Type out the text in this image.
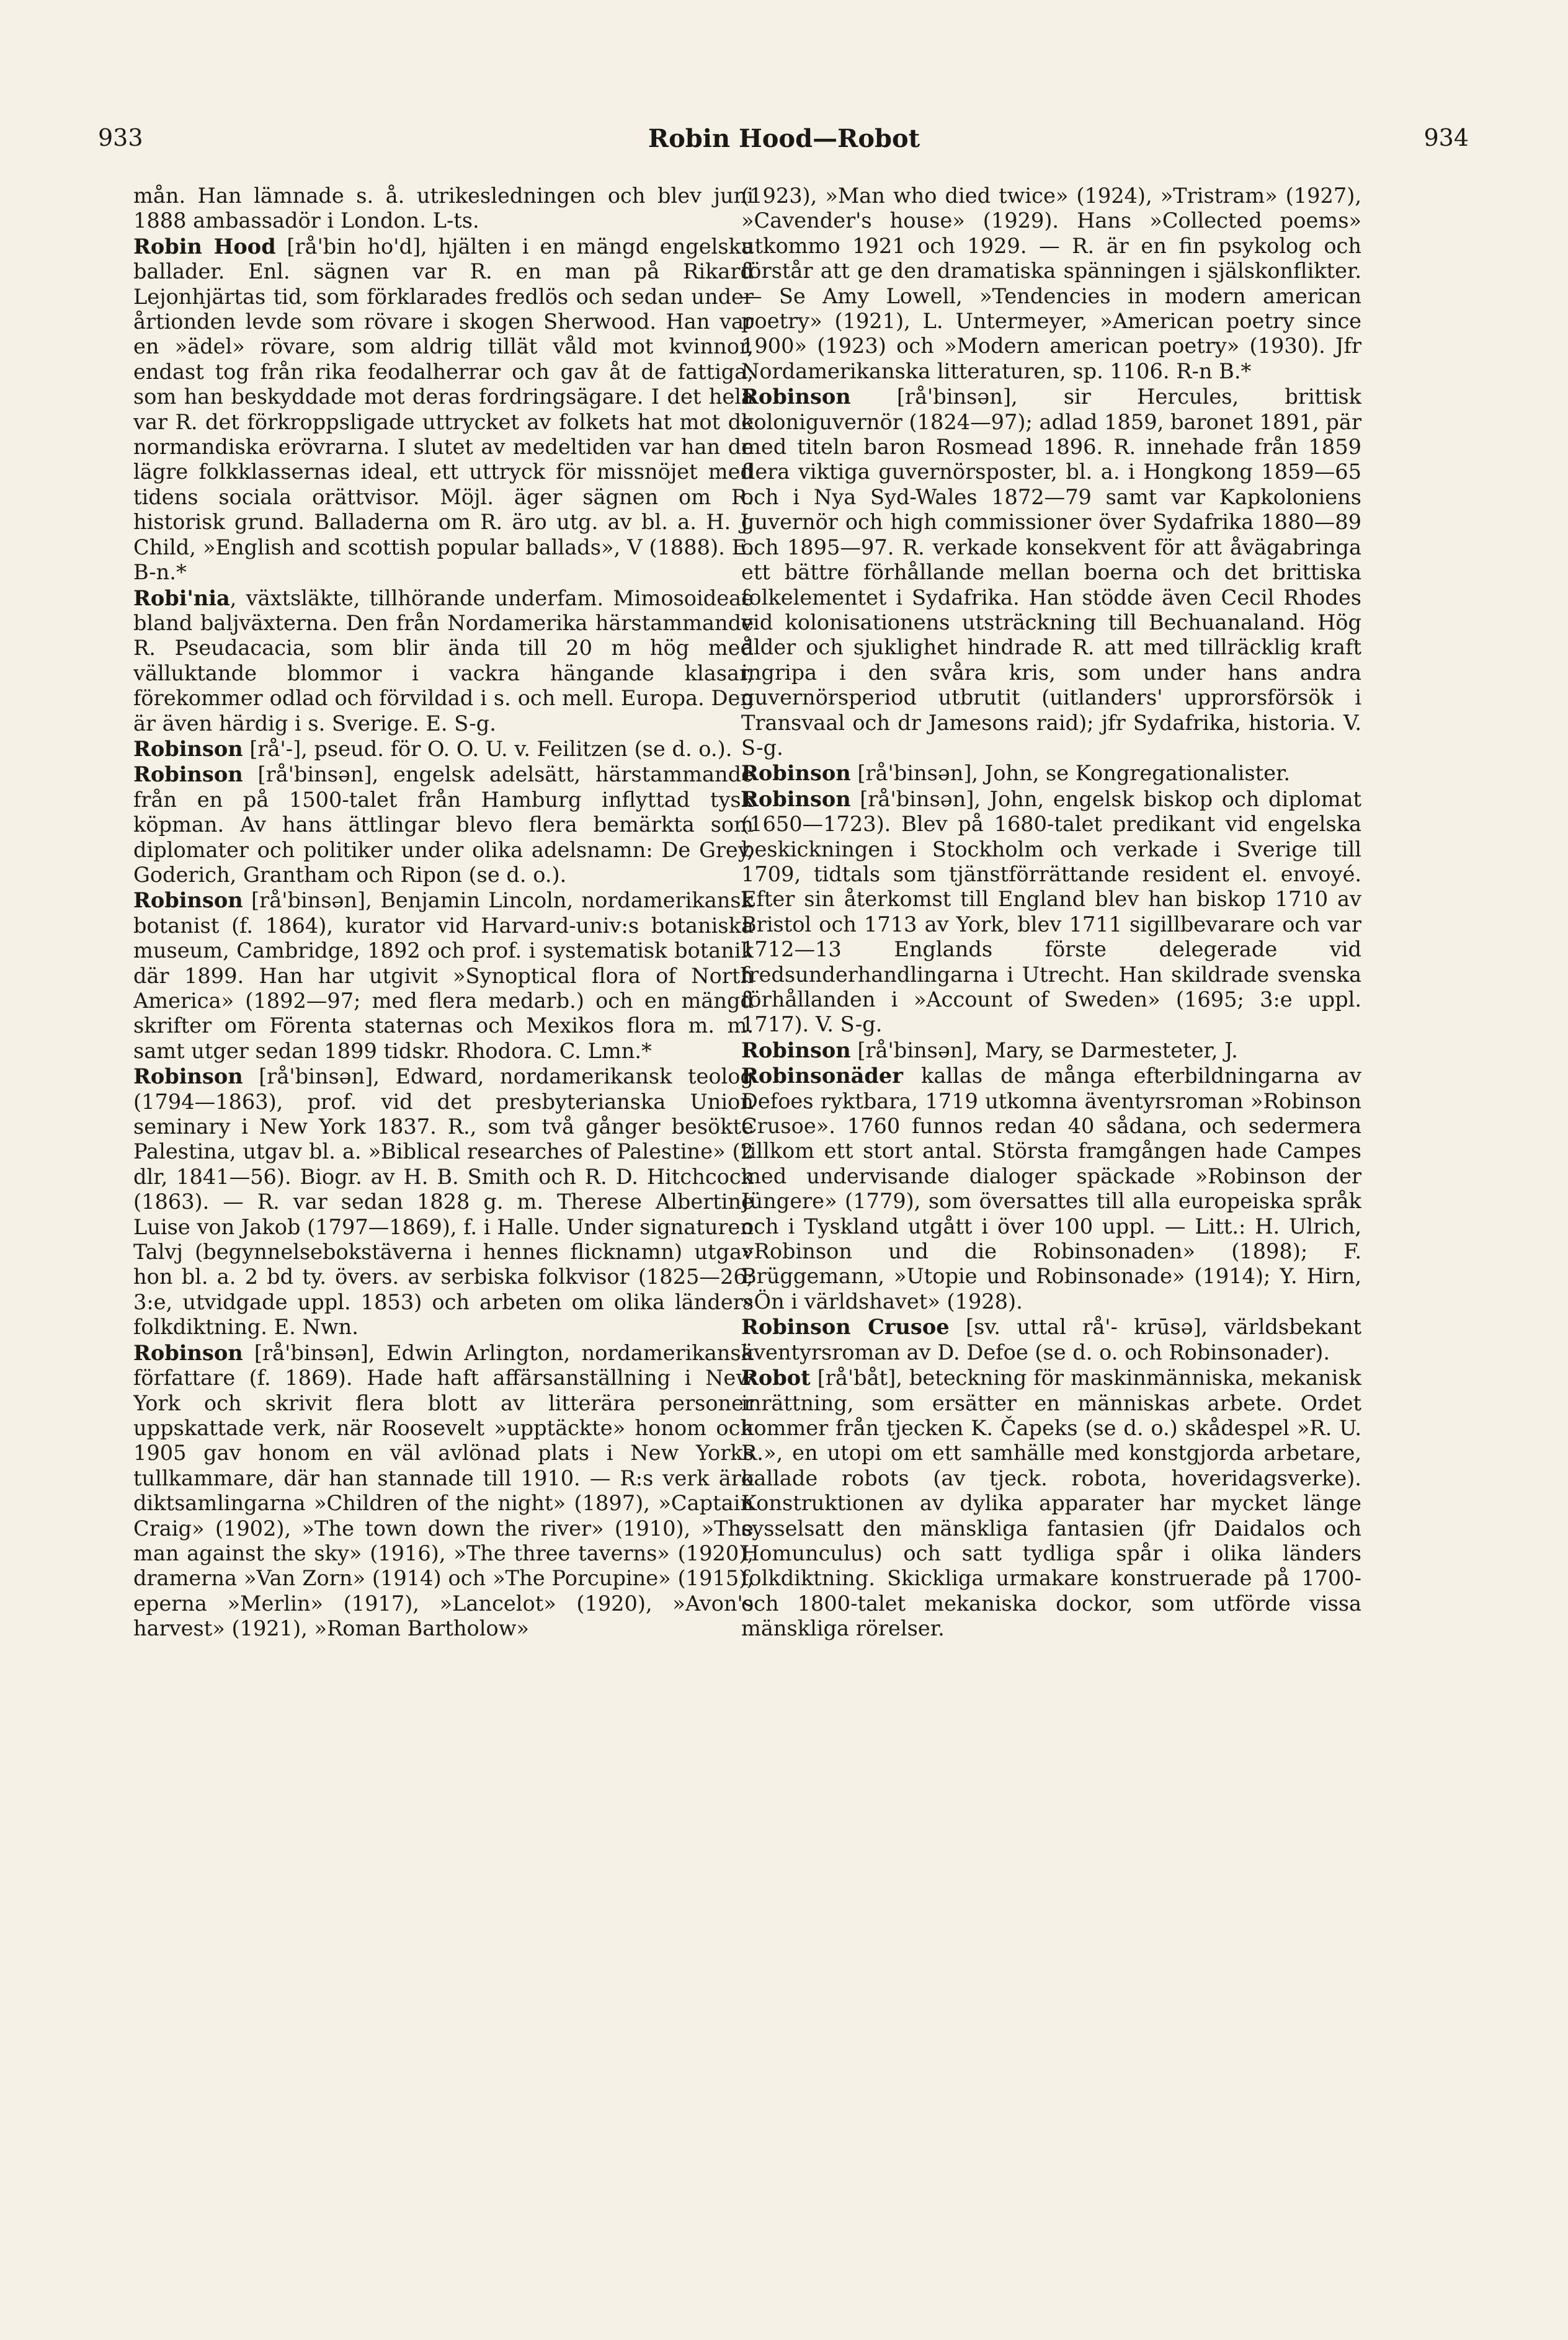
933	Robin Hood—Robot	934

mån. Han lämnade s. å. utrikesledningen och blev juni 1888 ambassadör i London. L-ts.

Robin Hood [rå'bin ho'd], hjälten i en mängd engelska ballader. Enl. sägnen var R. en man på Rikard Lejonhjärtas tid, som förklarades fredlös och sedan under årtionden levde som rövare i skogen Sherwood. Han var en »ädel» rövare, som aldrig tillät våld mot kvinnor, endast tog från rika feodalherrar och gav åt de fattiga, som han beskyddade mot deras fordringsägare. I det hela var R. det förkroppsligade uttrycket av folkets hat mot de normandiska erövrarna. I slutet av medeltiden var han de lägre folkklassernas ideal, ett uttryck för missnöjet med tidens sociala orättvisor. Möjl. äger sägnen om R. historisk grund. Balladerna om R. äro utg. av bl. a. H. J. Child, »English and scottish popular ballads», V (1888). E. B-n.*

Robi'nia, växtsläkte, tillhörande underfam. Mimosoideae bland baljväxterna. Den från Nordamerika härstammande R. Pseudacacia, som blir ända till 20 m hög med välluktande blommor i vackra hängande klasar, förekommer odlad och förvildad i s. och mell. Europa. Den är även härdig i s. Sverige. E. S-g.

Robinson [rå'-], pseud. för O. O. U. v. Feilitzen (se d. o.).

Robinson [rå'binsən], engelsk adelsätt, härstammande från en på 1500-talet från Hamburg inflyttad tysk köpman. Av hans ättlingar blevo flera bemärkta som diplomater och politiker under olika adelsnamn: De Grey, Goderich, Grantham och Ripon (se d. o.).

Robinson [rå'binsən], Benjamin Lincoln, nordamerikansk botanist (f. 1864), kurator vid Harvard-univ:s botaniska museum, Cambridge, 1892 och prof. i systematisk botanik där 1899. Han har utgivit »Synoptical flora of North America» (1892—97; med flera medarb.) och en mängd skrifter om Förenta staternas och Mexikos flora m. m. samt utger sedan 1899 tidskr. Rhodora. C. Lmn.*

Robinson [rå'binsən], Edward, nordamerikansk teolog (1794—1863), prof. vid det presbyterianska Union seminary i New York 1837. R., som två gånger besökte Palestina, utgav bl. a. »Biblical researches of Palestine» (2 dlr, 1841—56). Biogr. av H. B. Smith och R. D. Hitchcock (1863). — R. var sedan 1828 g. m. Therese Albertine Luise von Jakob (1797—1869), f. i Halle. Under signaturen Talvj (begynnelsebokstäverna i hennes flicknamn) utgav hon bl. a. 2 bd ty. övers. av serbiska folkvisor (1825—26; 3:e, utvidgade uppl. 1853) och arbeten om olika länders folkdiktning. E. Nwn.

Robinson [rå'binsən], Edwin Arlington, nordamerikansk författare (f. 1869). Hade haft affärsanställning i New York och skrivit flera blott av litterära personer uppskattade verk, när Roosevelt »upptäckte» honom och 1905 gav honom en väl avlönad plats i New Yorks tullkammare, där han stannade till 1910. — R:s verk äro diktsamlingarna »Children of the night» (1897), »Captain Craig» (1902), »The town down the river» (1910), »The man against the sky» (1916), »The three taverns» (1920), dramerna »Van Zorn» (1914) och »The Porcupine» (1915), eperna »Merlin» (1917), »Lancelot» (1920), »Avon's harvest» (1921), »Roman Bartholow»

(1923), »Man who died twice» (1924), »Tristram» (1927), »Cavender's house» (1929). Hans »Collected poems» utkommo 1921 och 1929. — R. är en fin psykolog och förstår att ge den dramatiska spänningen i själskonflikter. — Se Amy Lowell, »Tendencies in modern american poetry» (1921), L. Untermeyer, »American poetry since 1900» (1923) och »Modern american poetry» (1930). Jfr Nordamerikanska litteraturen, sp. 1106. R-n B.*

Robinson [rå'binsən], sir Hercules, brittisk koloniguvernör (1824—97); adlad 1859, baronet 1891, pär med titeln baron Rosmead 1896. R. innehade från 1859 flera viktiga guvernörsposter, bl. a. i Hongkong 1859—65 och i Nya Syd-Wales 1872—79 samt var Kapkoloniens guvernör och high commissioner över Sydafrika 1880—89 och 1895—97. R. verkade konsekvent för att åvägabringa ett bättre förhållande mellan boerna och det brittiska folkelementet i Sydafrika. Han stödde även Cecil Rhodes vid kolonisationens utsträckning till Bechuanaland. Hög ålder och sjuklighet hindrade R. att med tillräcklig kraft ingripa i den svåra kris, som under hans andra guvernörsperiod utbrutit (uitlanders' upprorsförsök i Transvaal och dr Jamesons raid); jfr Sydafrika, historia. V. S-g.

Robinson [rå'binsən], John, se Kongregationalister.

Robinson [rå'binsən], John, engelsk biskop och diplomat (1650—1723). Blev på 1680-talet predikant vid engelska beskickningen i Stockholm och verkade i Sverige till 1709, tidtals som tjänstförrättande resident el. envoyé. Efter sin återkomst till England blev han biskop 1710 av Bristol och 1713 av York, blev 1711 sigillbevarare och var 1712—13 Englands förste delegerade vid fredsunderhandlingarna i Utrecht. Han skildrade svenska förhållanden i »Account of Sweden» (1695; 3:e uppl. 1717). V. S-g.

Robinson [rå'binsən], Mary, se Darmesteter, J.

Robinsonäder kallas de många efterbildningarna av Defoes ryktbara, 1719 utkomna äventyrsroman »Robinson Crusoe». 1760 funnos redan 40 sådana, och sedermera tillkom ett stort antal. Största framgången hade Campes med undervisande dialoger späckade »Robinson der Jüngere» (1779), som översattes till alla europeiska språk och i Tyskland utgått i över 100 uppl. — Litt.: H. Ulrich, »Robinson und die Robinsonaden» (1898); F. Brüggemann, »Utopie und Robinsonade» (1914); Y. Hirn, »Ön i världshavet» (1928).

Robinson Crusoe [sv. uttal rå'- krūsə], världsbekant äventyrsroman av D. Defoe (se d. o. och Robinsonader).

Robot [rå'båt], beteckning för maskinmänniska, mekanisk inrättning, som ersätter en människas arbete. Ordet kommer från tjecken K. Čapeks (se d. o.) skådespel »R. U. R.», en utopi om ett samhälle med konstgjorda arbetare, kallade robots (av tjeck. robota, hoveridagsverke). Konstruktionen av dylika apparater har mycket länge sysselsatt den mänskliga fantasien (jfr Daidalos och Homunculus) och satt tydliga spår i olika länders folkdiktning. Skickliga urmakare konstruerade på 1700- och 1800-talet mekaniska dockor, som utförde vissa mänskliga rörelser.
